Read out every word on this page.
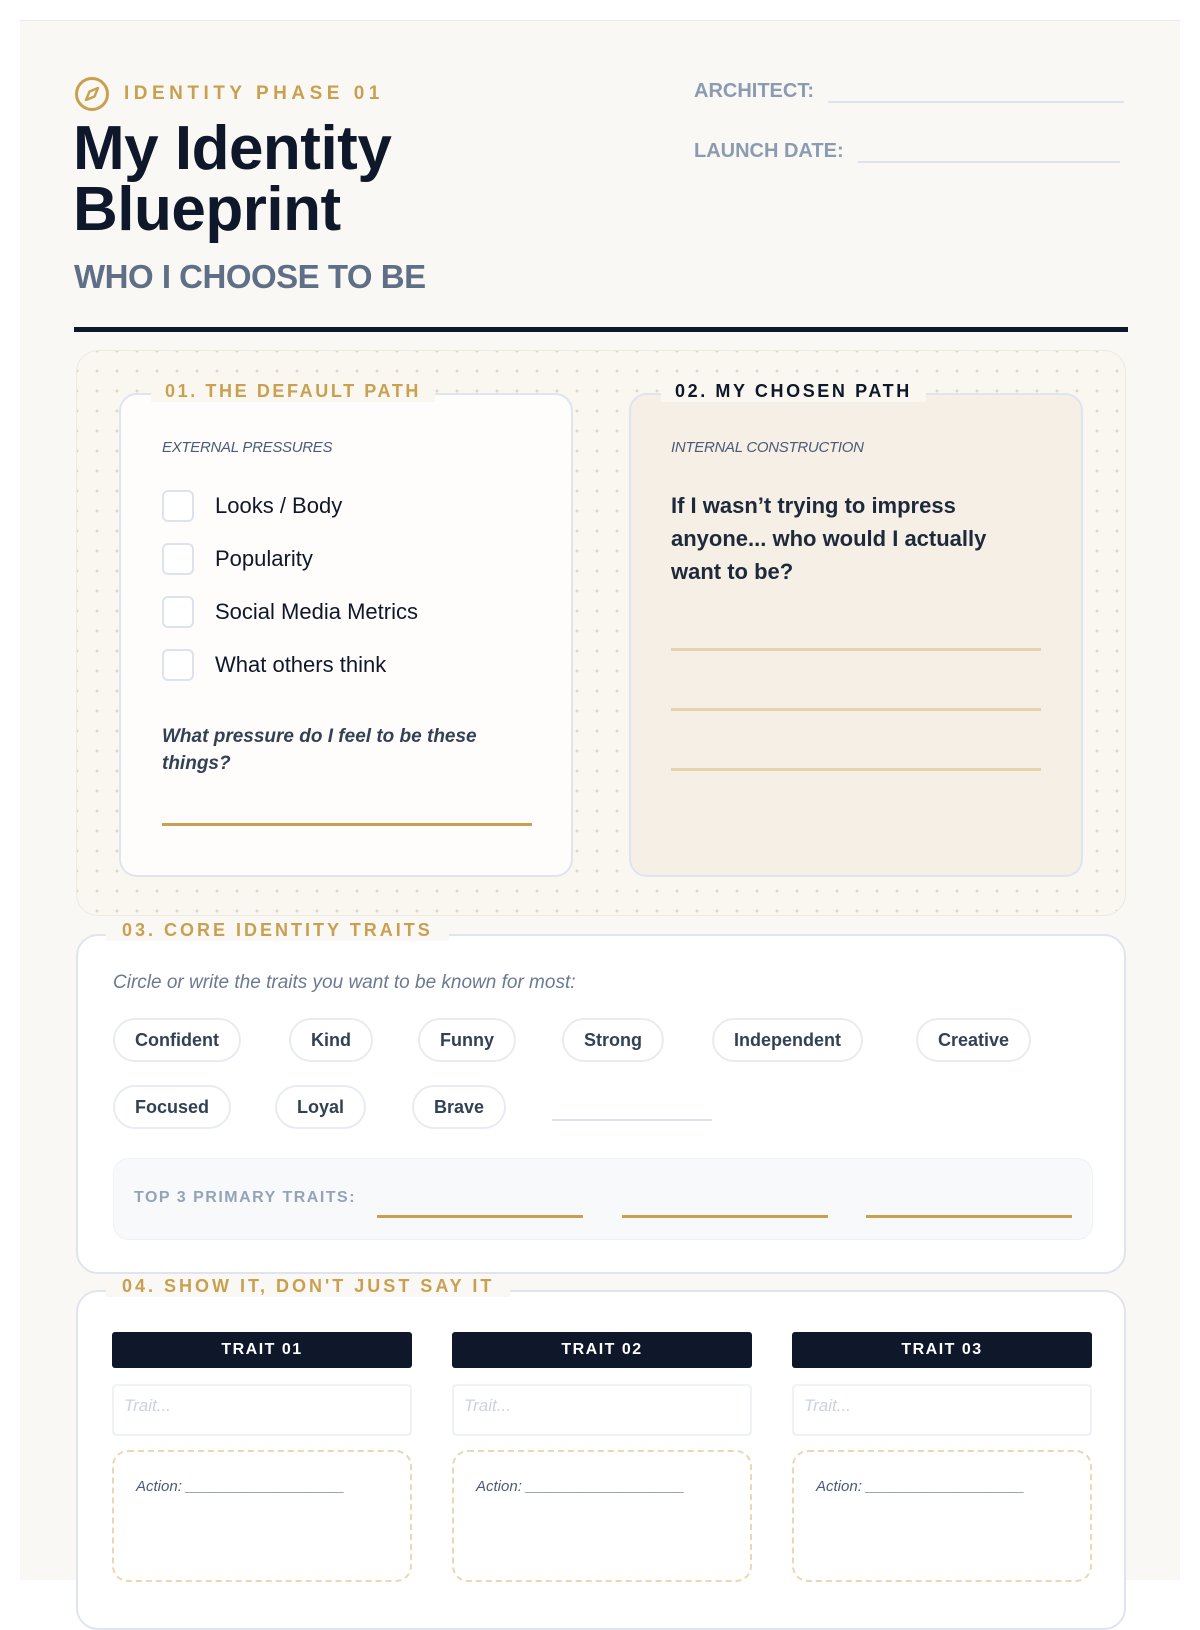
IDENTITY PHASE 01
My Identity
Blueprint
WHO I CHOOSE TO BE
ARCHITECT:
LAUNCH DATE:
01. THE DEFAULT PATH
EXTERNAL PRESSURES
Looks / Body
Popularity
Social Media Metrics
What others think
What pressure do I feel to be these things?
02. MY CHOSEN PATH
INTERNAL CONSTRUCTION
If I wasn’t trying to impress anyone... who would I actually want to be?
03. CORE IDENTITY TRAITS
Circle or write the traits you want to be known for most:
Confident	Kind	Funny	Strong	Independent	Creative
Focused	Loyal	Brave
TOP 3 PRIMARY TRAITS:
04. SHOW IT, DON'T JUST SAY IT
TRAIT 01
Trait...
Action: ___________________
TRAIT 02
Trait...
Action: ___________________
TRAIT 03
Trait...
Action: ___________________
